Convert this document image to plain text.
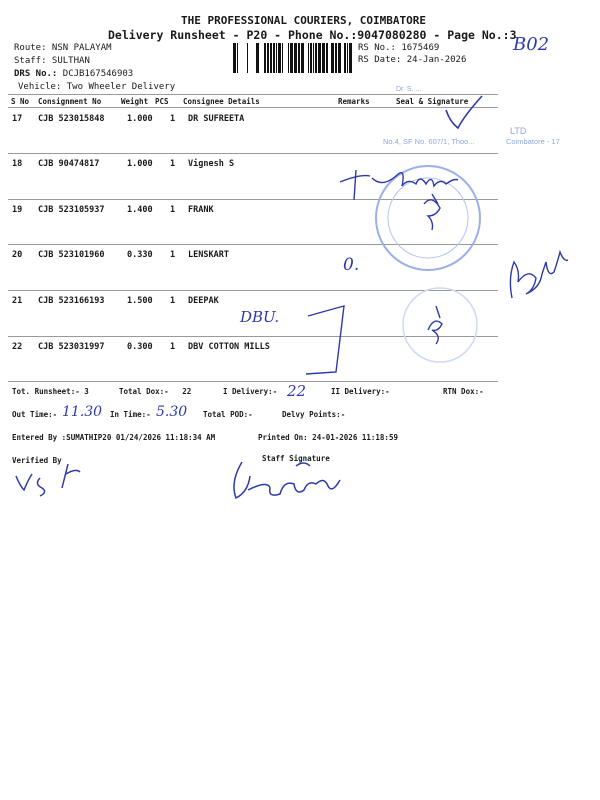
THE PROFESSIONAL COURIERS, COIMBATORE
Delivery Runsheet - P20 - Phone No.:9047080280 - Page No.:3
Route: NSN PALAYAM
Staff: SULTHAN
DRS No.: DCJB167546903
Vehicle: Two Wheeler Delivery
RS No.: 1675469
RS Date: 24-Jan-2026
B02
S No Consignment No	Weight PCS Consignee Details	Remarks	Seal & Signature
17 CJB 523015848	1.000 1 DR SUFREETA
18 CJB 90474817	1.000 1 Vignesh S
19 CJB 523105937	1.400 1 FRANK
20 CJB 523101960	0.330 1 LENSKART
21 CJB 523166193	1.500 1 DEEPAK
22 CJB 523031997	0.300 1 DBV COTTON MILLS
Dr. S. ...
No.4, SF No. 607/1, Thoo...
LTD
Coimbatore - 17
0.
DBU.
Tot. Runsheet:- 3	Total Dox:- 22	I Delivery:- 22	II Delivery:-	RTN Dox:-
Out Time:- 11.30 In Time:- 5.30 Total POD:-	Delvy Points:-
Entered By :SUMATHIP20 01/24/2026 11:18:34 AM	Printed On: 24-01-2026 11:18:59
Verified By	Staff Signature
